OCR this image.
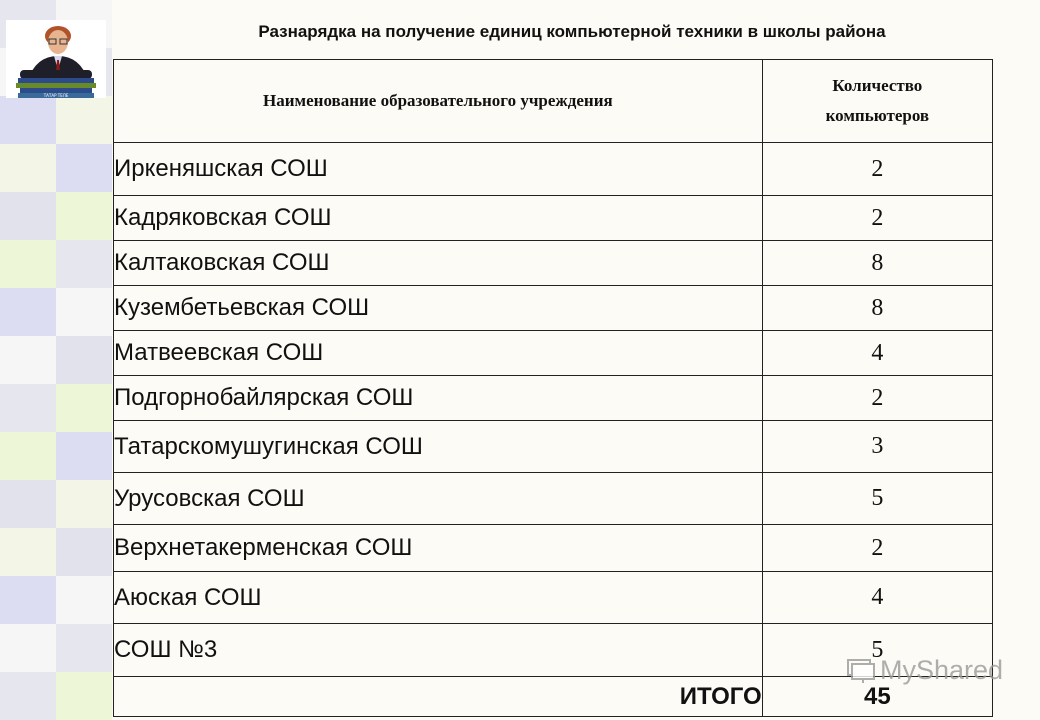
ТАТАР ТЕЛЕ
Разнарядка на получение единиц компьютерной техники в школы района
Наименование образовательного учреждения	Количество
компьютеров

Иркеняшская СОШ	2
Кадряковская СОШ	2
Калтаковская СОШ	8
Кузембетьевская СОШ	8
Матвеевская СОШ	4
Подгорнобайлярская СОШ	2
Татарскомушугинская СОШ	3
Урусовская СОШ	5
Верхнетакерменская СОШ	2
Аюская СОШ	4
СОШ №3	5
ИТОГО	45
MyShared
